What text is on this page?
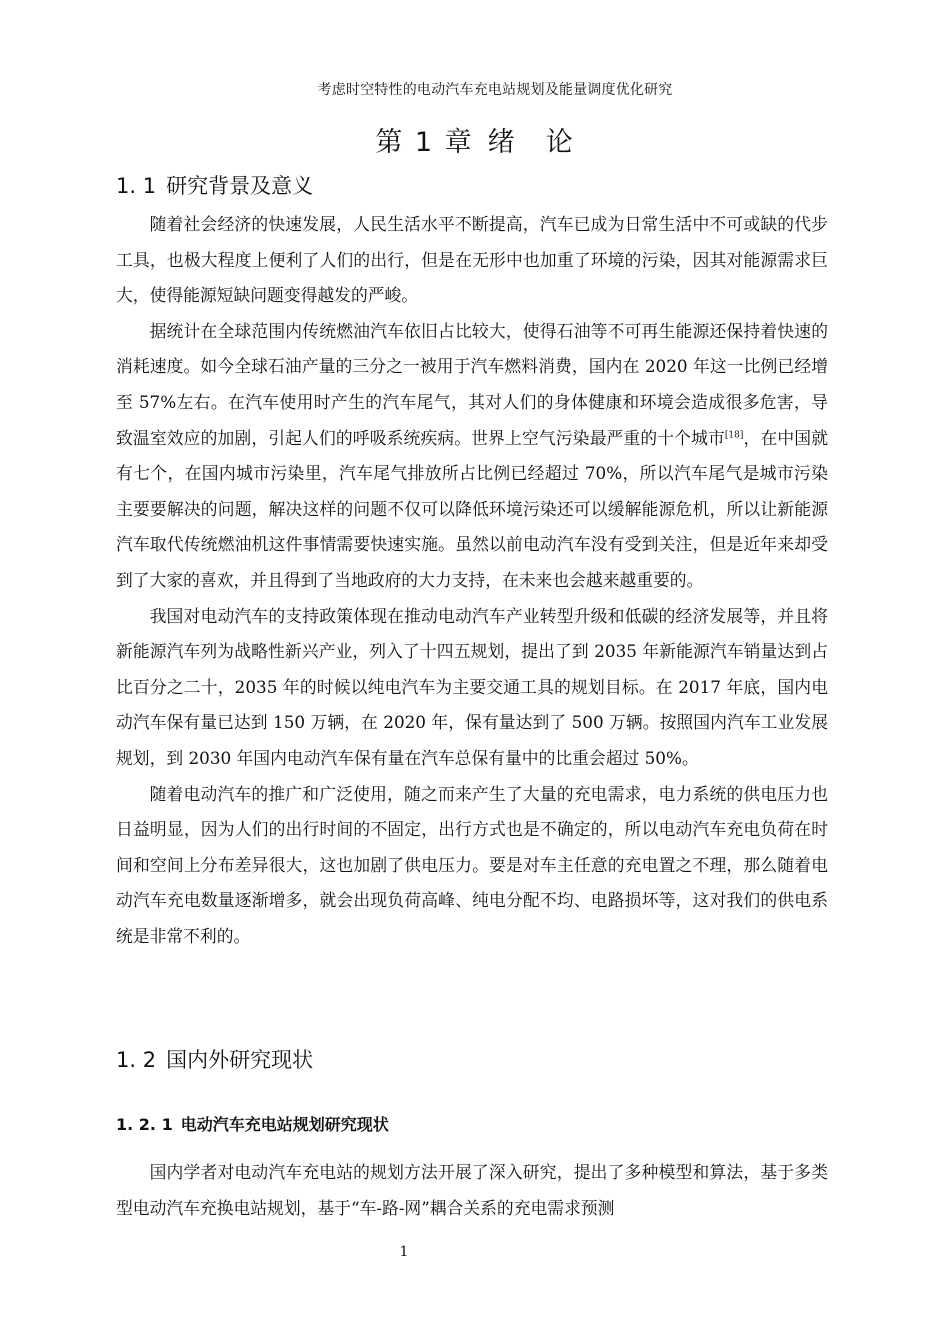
考虑时空特性的电动汽车充电站规划及能量调度优化研究
第 1 章 绪　论
1. 1 研究背景及意义

随着社会经济的快速发展，人民生活水平不断提高，汽车已成为日常生活中不可或缺的代步工具，也极大程度上便利了人们的出行，但是在无形中也加重了环境的污染，因其对能源需求巨大，使得能源短缺问题变得越发的严峻。

据统计在全球范围内传统燃油汽车依旧占比较大，使得石油等不可再生能源还保持着快速的消耗速度。如今全球石油产量的三分之一被用于汽车燃料消费，国内在 2020 年这一比例已经增至 57%左右。在汽车使用时产生的汽车尾气，其对人们的身体健康和环境会造成很多危害，导致温室效应的加剧，引起人们的呼吸系统疾病。世界上空气污染最严重的十个城市[18]，在中国就有七个，在国内城市污染里，汽车尾气排放所占比例已经超过 70%，所以汽车尾气是城市污染主要要解决的问题，解决这样的问题不仅可以降低环境污染还可以缓解能源危机，所以让新能源汽车取代传统燃油机这件事情需要快速实施。虽然以前电动汽车没有受到关注，但是近年来却受到了大家的喜欢，并且得到了当地政府的大力支持，在未来也会越来越重要的。

我国对电动汽车的支持政策体现在推动电动汽车产业转型升级和低碳的经济发展等，并且将新能源汽车列为战略性新兴产业，列入了十四五规划，提出了到 2035 年新能源汽车销量达到占比百分之二十，2035 年的时候以纯电汽车为主要交通工具的规划目标。在 2017 年底，国内电动汽车保有量已达到 150 万辆，在 2020 年，保有量达到了 500 万辆。按照国内汽车工业发展规划，到 2030 年国内电动汽车保有量在汽车总保有量中的比重会超过 50%。

随着电动汽车的推广和广泛使用，随之而来产生了大量的充电需求，电力系统的供电压力也日益明显，因为人们的出行时间的不固定，出行方式也是不确定的，所以电动汽车充电负荷在时间和空间上分布差异很大，这也加剧了供电压力。要是对车主任意的充电置之不理，那么随着电动汽车充电数量逐渐增多，就会出现负荷高峰、纯电分配不均、电路损坏等，这对我们的供电系统是非常不利的。

1. 2 国内外研究现状
1. 2. 1 电动汽车充电站规划研究现状

国内学者对电动汽车充电站的规划方法开展了深入研究，提出了多种模型和算法，基于多类型电动汽车充换电站规划，基于“车-路-网”耦合关系的充电需求预测

1
